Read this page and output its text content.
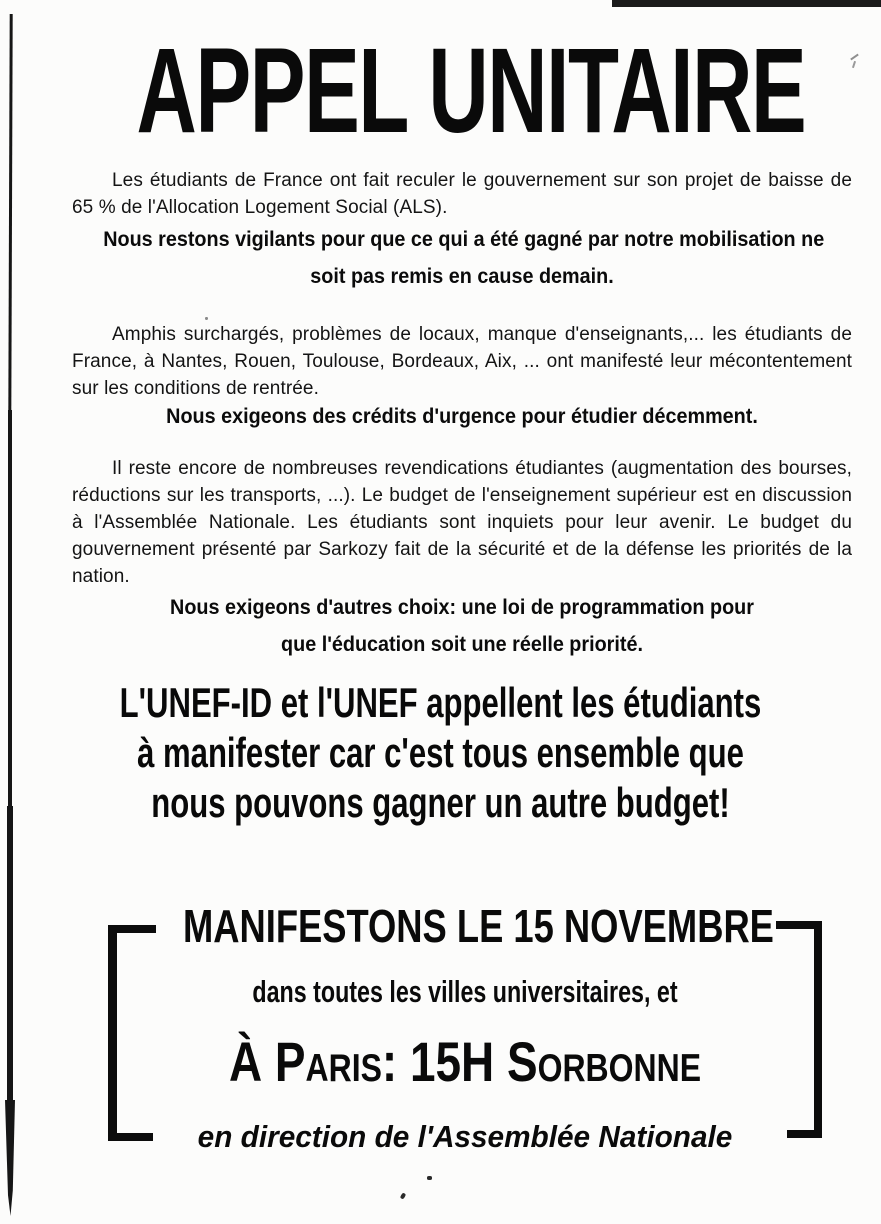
APPEL UNITAIRE
Les étudiants de France ont fait reculer le gouvernement sur son projet de baisse de 65 % de l'Allocation Logement Social (ALS).
Nous restons vigilants pour que ce qui a été gagné par notre mobilisation ne
soit pas remis en cause demain.
Amphis surchargés, problèmes de locaux, manque d'enseignants,... les étudiants de France, à Nantes, Rouen, Toulouse, Bordeaux, Aix, ... ont manifesté leur mécontentement sur les conditions de rentrée.
Nous exigeons des crédits d'urgence pour étudier décemment.
Il reste encore de nombreuses revendications étudiantes (augmentation des bourses, réductions sur les transports, ...). Le budget de l'enseignement supérieur est en discussion à l'Assemblée Nationale. Les étudiants sont inquiets pour leur avenir. Le budget du gouvernement présenté par Sarkozy fait de la sécurité et de la défense les priorités de la nation.
Nous exigeons d'autres choix: une loi de programmation pour
que l'éducation soit une réelle priorité.
L'UNEF-ID et l'UNEF appellent les étudiants
à manifester car c'est tous ensemble que
nous pouvons gagner un autre budget!
MANIFESTONS LE 15 NOVEMBRE
dans toutes les villes universitaires, et
À Paris: 15H Sorbonne
en direction de l'Assemblée Nationale
